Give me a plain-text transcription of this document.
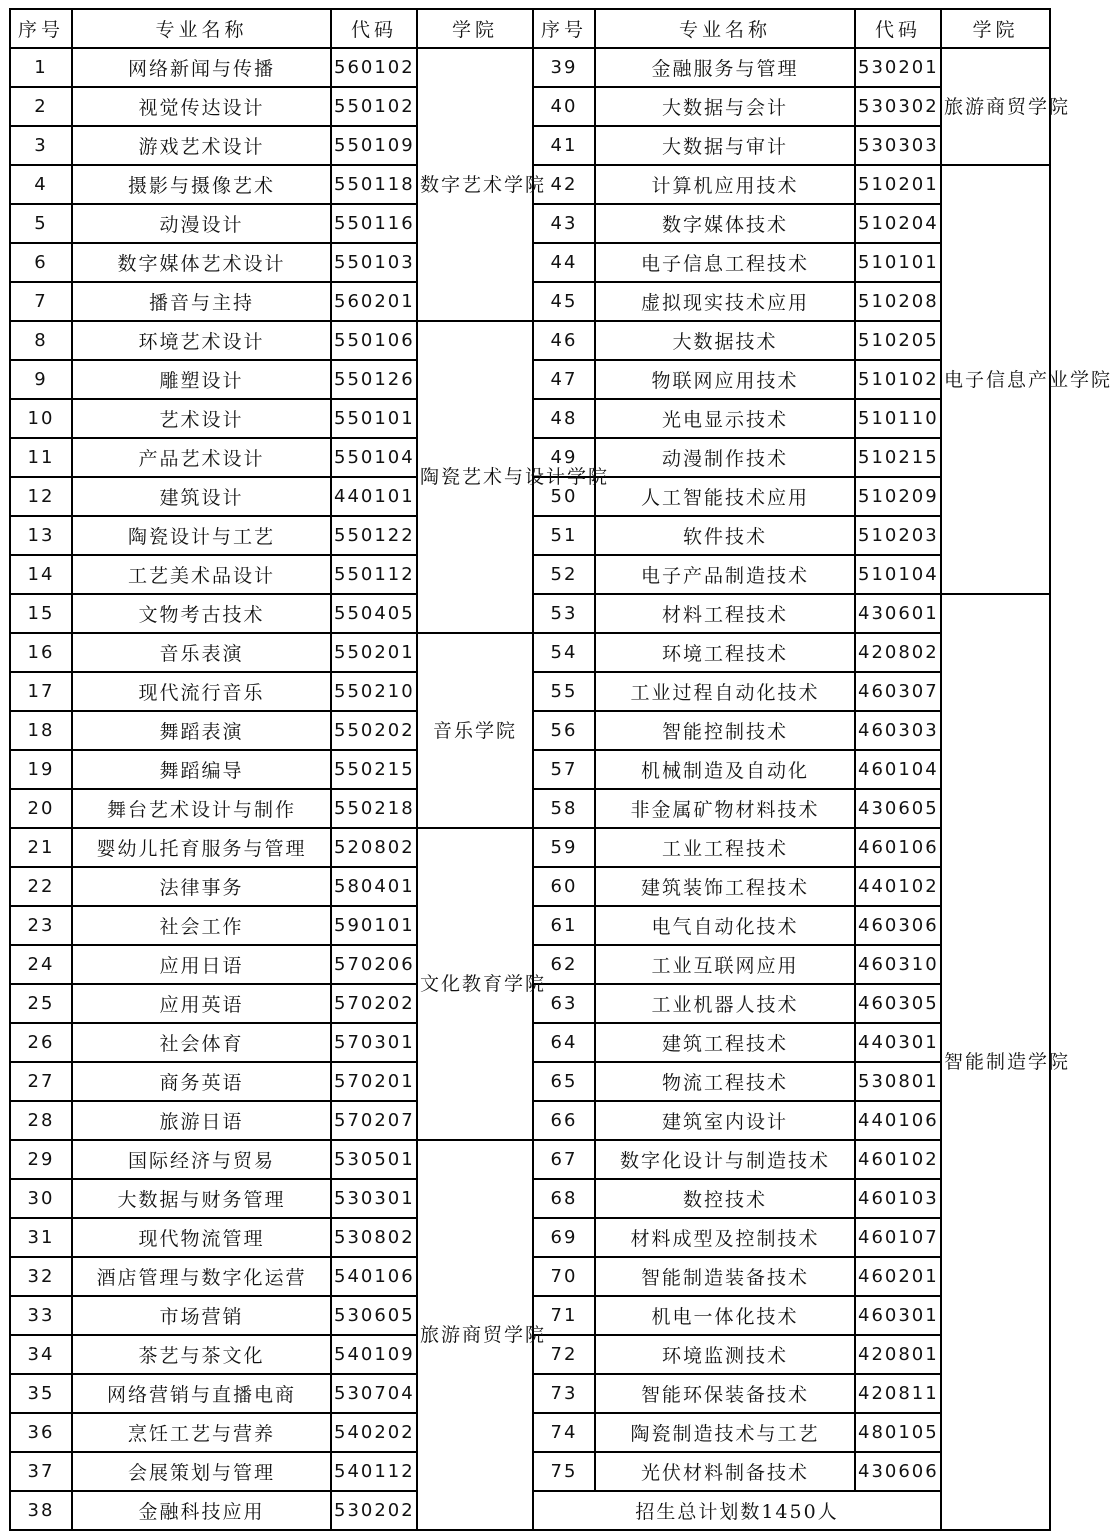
序号	专业名称	代码	学院	序号	专业名称	代码	学院
1	网络新闻与传播	560102	数字艺术学院	39	金融服务与管理	530201	旅游商贸学院
2	视觉传达设计	550102		40	大数据与会计	530302	
3	游戏艺术设计	550109		41	大数据与审计	530303	
4	摄影与摄像艺术	550118		42	计算机应用技术	510201	电子信息产业学院
5	动漫设计	550116		43	数字媒体技术	510204	
6	数字媒体艺术设计	550103		44	电子信息工程技术	510101	
7	播音与主持	560201		45	虚拟现实技术应用	510208	
8	环境艺术设计	550106	陶瓷艺术与设计学院	46	大数据技术	510205	
9	雕塑设计	550126		47	物联网应用技术	510102	
10	艺术设计	550101		48	光电显示技术	510110	
11	产品艺术设计	550104		49	动漫制作技术	510215	
12	建筑设计	440101		50	人工智能技术应用	510209	
13	陶瓷设计与工艺	550122		51	软件技术	510203	
14	工艺美术品设计	550112		52	电子产品制造技术	510104	
15	文物考古技术	550405		53	材料工程技术	430601	智能制造学院
16	音乐表演	550201	音乐学院	54	环境工程技术	420802	
17	现代流行音乐	550210		55	工业过程自动化技术	460307	
18	舞蹈表演	550202		56	智能控制技术	460303	
19	舞蹈编导	550215		57	机械制造及自动化	460104	
20	舞台艺术设计与制作	550218		58	非金属矿物材料技术	430605	
21	婴幼儿托育服务与管理	520802	文化教育学院	59	工业工程技术	460106	
22	法律事务	580401		60	建筑装饰工程技术	440102	
23	社会工作	590101		61	电气自动化技术	460306	
24	应用日语	570206		62	工业互联网应用	460310	
25	应用英语	570202		63	工业机器人技术	460305	
26	社会体育	570301		64	建筑工程技术	440301	
27	商务英语	570201		65	物流工程技术	530801	
28	旅游日语	570207		66	建筑室内设计	440106	
29	国际经济与贸易	530501	旅游商贸学院	67	数字化设计与制造技术	460102	
30	大数据与财务管理	530301		68	数控技术	460103	
31	现代物流管理	530802		69	材料成型及控制技术	460107	
32	酒店管理与数字化运营	540106		70	智能制造装备技术	460201	
33	市场营销	530605		71	机电一体化技术	460301	
34	茶艺与茶文化	540109		72	环境监测技术	420801	
35	网络营销与直播电商	530704		73	智能环保装备技术	420811	
36	烹饪工艺与营养	540202		74	陶瓷制造技术与工艺	480105	
37	会展策划与管理	540112		75	光伏材料制备技术	430606	
38	金融科技应用	530202		招生总计划数1450人			
